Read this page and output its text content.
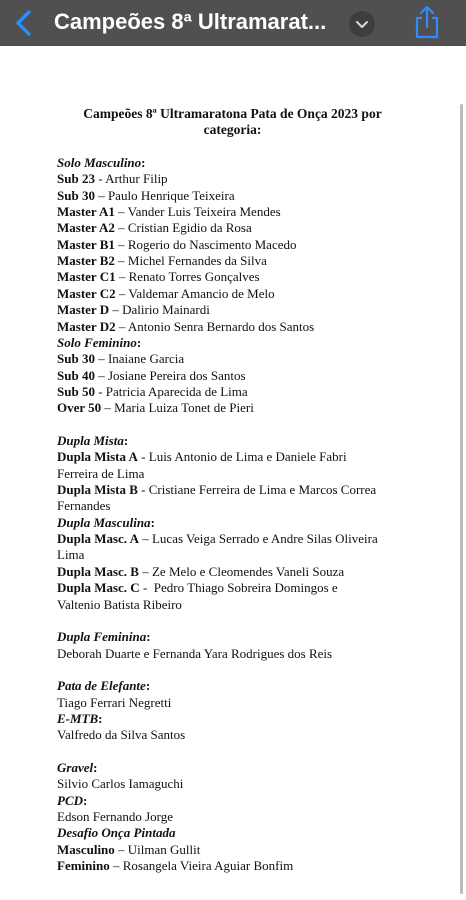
Campeões 8ª Ultramarat...
Campeões 8ª Ultramaratona Pata de Onça 2023 por
categoria:
Solo Masculino:
Sub 23 - Arthur Filip
Sub 30 – Paulo Henrique Teixeira
Master A1 – Vander Luis Teixeira Mendes
Master A2 – Cristian Egidio da Rosa
Master B1 – Rogerio do Nascimento Macedo
Master B2 – Michel Fernandes da Silva
Master C1 – Renato Torres Gonçalves
Master C2 – Valdemar Amancio de Melo
Master D – Dalirio Mainardi
Master D2 – Antonio Senra Bernardo dos Santos
Solo Feminino:
Sub 30 – Inaiane Garcia
Sub 40 – Josiane Pereira dos Santos
Sub 50 - Patricia Aparecida de Lima
Over 50 – Maria Luiza Tonet de Pieri
Dupla Mista:
Dupla Mista A - Luis Antonio de Lima e Daniele Fabri
Ferreira de Lima
Dupla Mista B - Cristiane Ferreira de Lima e Marcos Correa
Fernandes
Dupla Masculina:
Dupla Masc. A – Lucas Veiga Serrado e Andre Silas Oliveira
Lima
Dupla Masc. B – Ze Melo e Cleomendes Vaneli Souza
Dupla Masc. C -  Pedro Thiago Sobreira Domingos e
Valtenio Batista Ribeiro
Dupla Feminina:
Deborah Duarte e Fernanda Yara Rodrigues dos Reis
Pata de Elefante:
Tiago Ferrari Negretti
E-MTB:
Valfredo da Silva Santos
Gravel:
Silvio Carlos Iamaguchi
PCD:
Edson Fernando Jorge
Desafio Onça Pintada
Masculino – Uilman Gullit
Feminino – Rosangela Vieira Aguiar Bonfim
